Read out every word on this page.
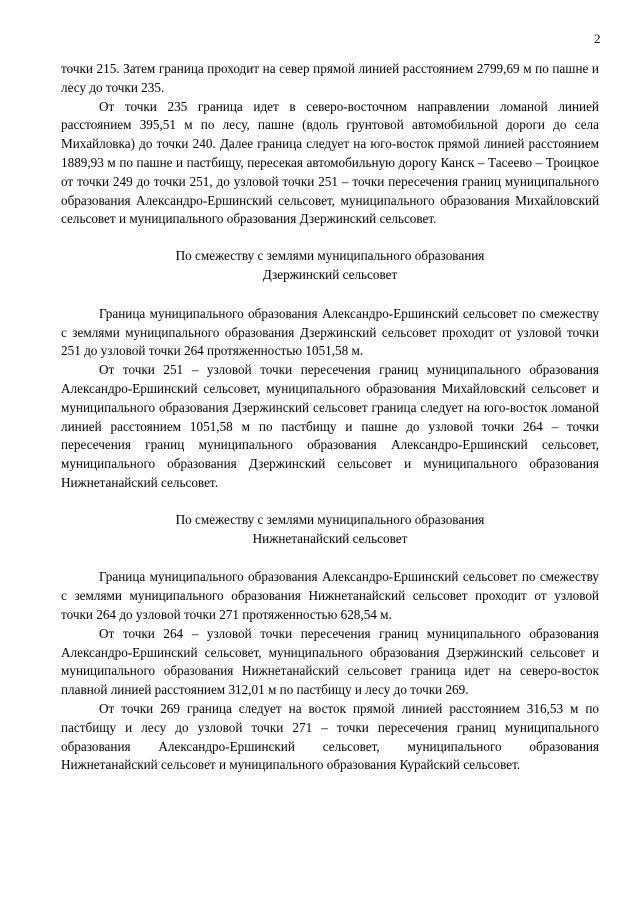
2

точки 215. Затем граница проходит на север прямой линией расстоянием 2799,69 м по пашне и лесу до точки 235.

От точки 235 граница идет в северо-восточном направлении ломаной линией расстоянием 395,51 м по лесу, пашне (вдоль грунтовой автомобильной дороги до села Михайловка) до точки 240. Далее граница следует на юго-восток прямой линией расстоянием 1889,93 м по пашне и пастбищу, пересекая автомобильную дорогу Канск – Тасеево – Троицкое от точки 249 до точки 251, до узловой точки 251 – точки пересечения границ муниципального образования Александро-Ершинский сельсовет, муниципального образования Михайловский сельсовет и муниципального образования Дзержинский сельсовет.

По смежеству с землями муниципального образования

Дзержинский сельсовет

Граница муниципального образования Александро-Ершинский сельсовет по смежеству с землями муниципального образования Дзержинский сельсовет проходит от узловой точки 251 до узловой точки 264 протяженностью 1051,58 м.

От точки 251 – узловой точки пересечения границ муниципального образования Александро-Ершинский сельсовет, муниципального образования Михайловский сельсовет и муниципального образования Дзержинский сельсовет граница следует на юго-восток ломаной линией расстоянием 1051,58 м по пастбищу и пашне до узловой точки 264 – точки пересечения границ муниципального образования Александро-Ершинский сельсовет, муниципального образования Дзержинский сельсовет и муниципального образования Нижнетанайский сельсовет.

По смежеству с землями муниципального образования

Нижнетанайский сельсовет

Граница муниципального образования Александро-Ершинский сельсовет по смежеству с землями муниципального образования Нижнетанайский сельсовет проходит от узловой точки 264 до узловой точки 271 протяженностью 628,54 м.

От точки 264 – узловой точки пересечения границ муниципального образования Александро-Ершинский сельсовет, муниципального образования Дзержинский сельсовет и муниципального образования Нижнетанайский сельсовет граница идет на северо-восток плавной линией расстоянием 312,01 м по пастбищу и лесу до точки 269.

От точки 269 граница следует на восток прямой линией расстоянием 316,53 м по пастбищу и лесу до узловой точки 271 – точки пересечения границ муниципального образования Александро-Ершинский сельсовет, муниципального образования Нижнетанайский сельсовет и муниципального образования Курайский сельсовет.
